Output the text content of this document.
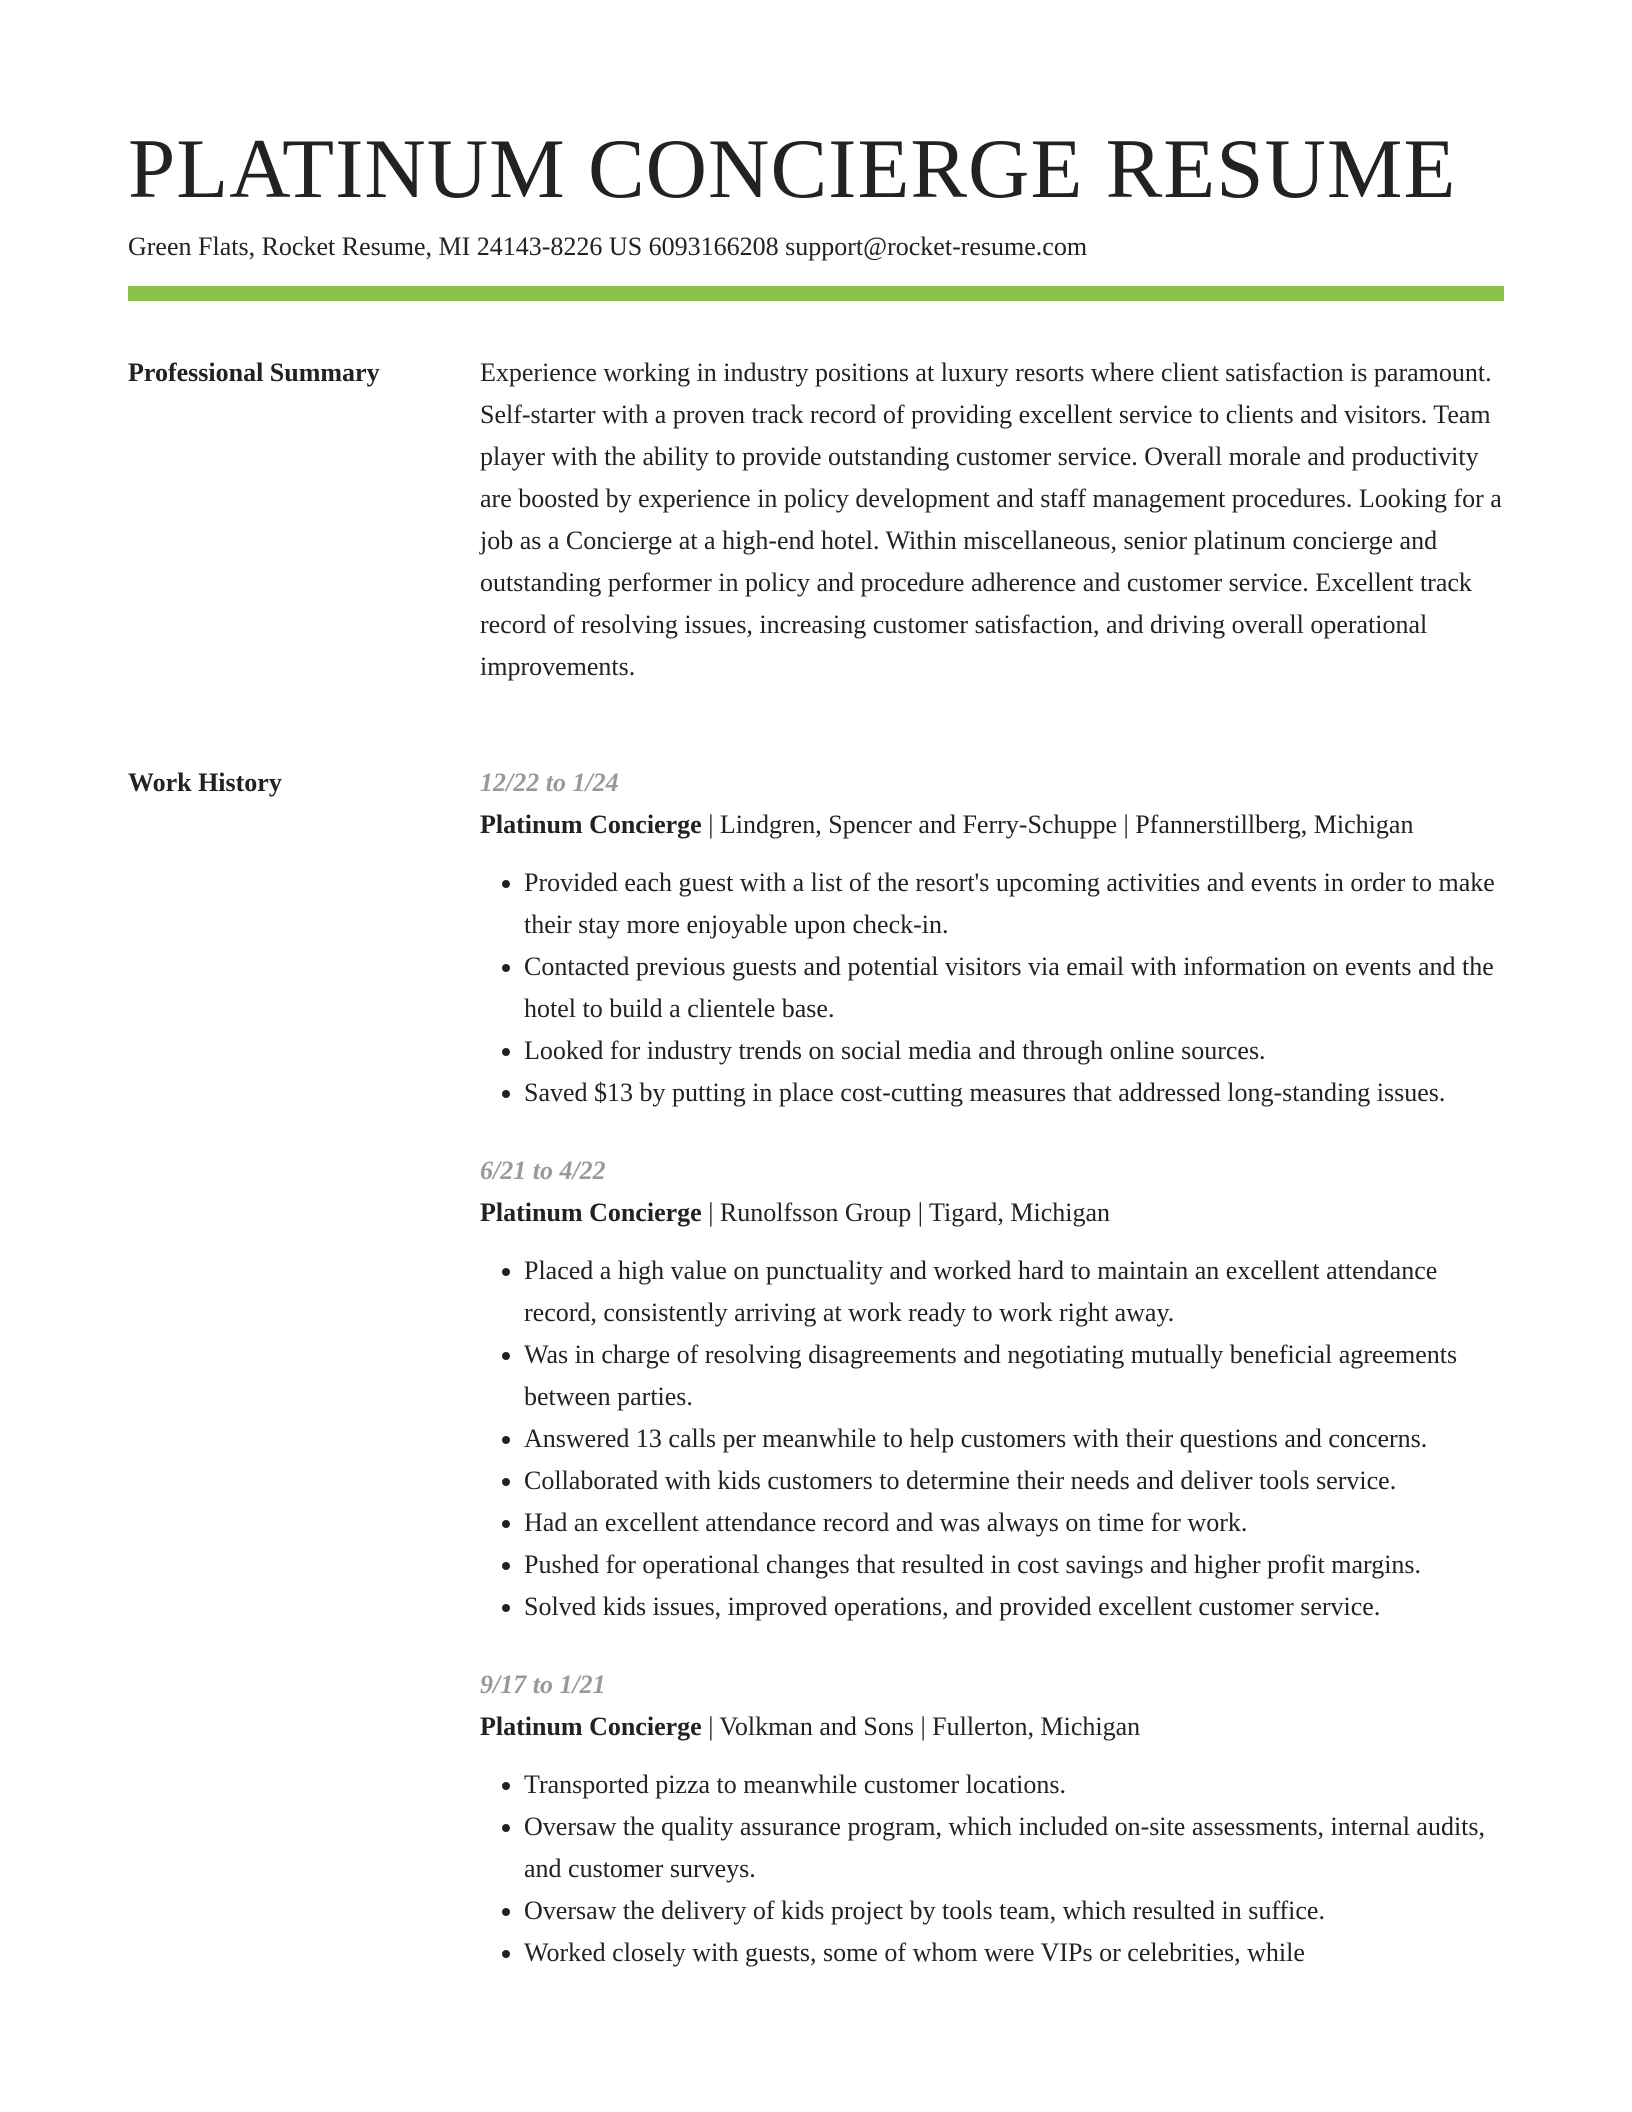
PLATINUM CONCIERGE RESUME
Green Flats, Rocket Resume, MI 24143-8226 US 6093166208 support@rocket-resume.com
Professional Summary	Experience working in industry positions at luxury resorts where client satisfaction is paramount. Self-starter with a proven track record of providing excellent service to clients and visitors. Team player with the ability to provide outstanding customer service. Overall morale and productivity are boosted by experience in policy development and staff management procedures. Looking for a job as a Concierge at a high-end hotel. Within miscellaneous, senior platinum concierge and outstanding performer in policy and procedure adherence and customer service. Excellent track record of resolving issues, increasing customer satisfaction, and driving overall operational improvements.

Work History	12/22 to 1/24
Platinum Concierge | Lindgren, Spencer and Ferry-Schuppe | Pfannerstillberg, Michigan
• Provided each guest with a list of the resort's upcoming activities and events in order to make their stay more enjoyable upon check-in.
• Contacted previous guests and potential visitors via email with information on events and the hotel to build a clientele base.
• Looked for industry trends on social media and through online sources.
• Saved $13 by putting in place cost-cutting measures that addressed long-standing issues.
6/21 to 4/22
Platinum Concierge | Runolfsson Group | Tigard, Michigan
• Placed a high value on punctuality and worked hard to maintain an excellent attendance record, consistently arriving at work ready to work right away.
• Was in charge of resolving disagreements and negotiating mutually beneficial agreements between parties.
• Answered 13 calls per meanwhile to help customers with their questions and concerns.
• Collaborated with kids customers to determine their needs and deliver tools service.
• Had an excellent attendance record and was always on time for work.
• Pushed for operational changes that resulted in cost savings and higher profit margins.
• Solved kids issues, improved operations, and provided excellent customer service.
9/17 to 1/21
Platinum Concierge | Volkman and Sons | Fullerton, Michigan
• Transported pizza to meanwhile customer locations.
• Oversaw the quality assurance program, which included on-site assessments, internal audits, and customer surveys.
• Oversaw the delivery of kids project by tools team, which resulted in suffice.
• Worked closely with guests, some of whom were VIPs or celebrities, while
